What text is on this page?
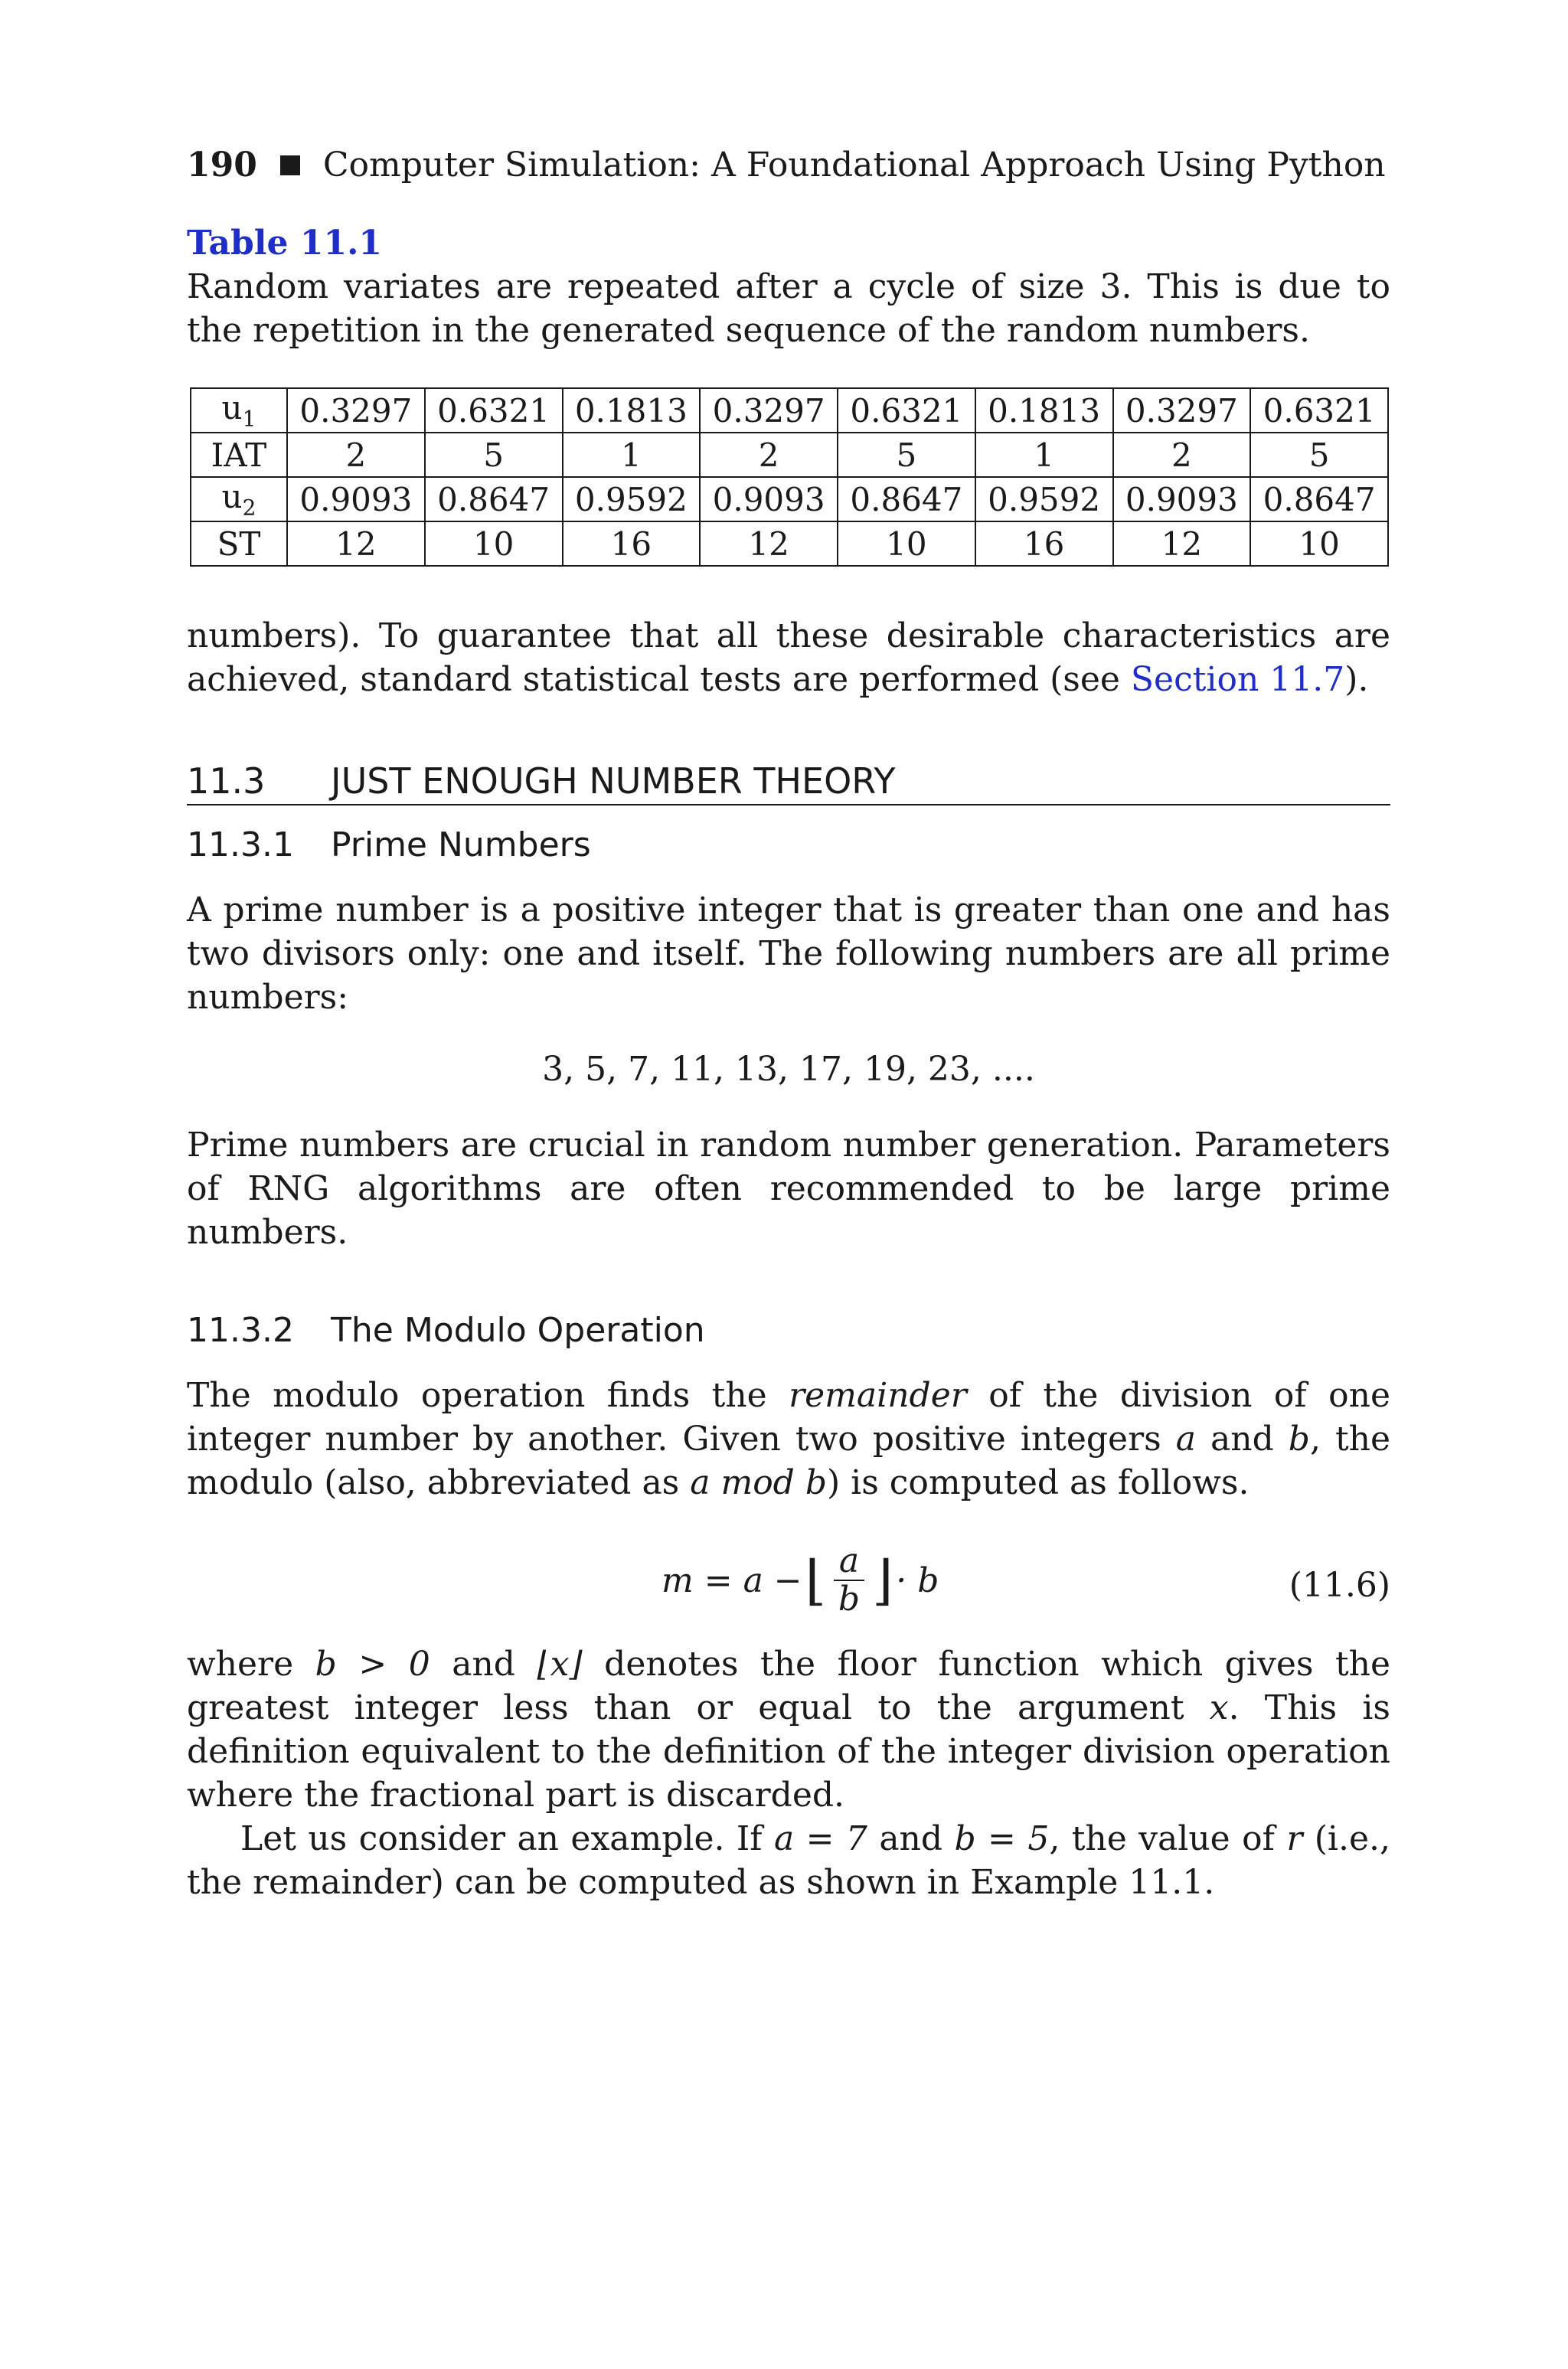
190 Computer Simulation: A Foundational Approach Using Python
Table 11.1

Random variates are repeated after a cycle of size 3. This is due to the repetition in the generated sequence of the random numbers.

$u_1$	0.3297	0.6321	0.1813	0.3297	0.6321	0.1813	0.3297	0.6321
IAT	2	5	1	2	5	1	2	5
$u_2$	0.9093	0.8647	0.9592	0.9093	0.8647	0.9592	0.9093	0.8647
ST	12	10	16	12	10	16	12	10

numbers). To guarantee that all these desirable characteristics are achieved, standard statistical tests are performed (see Section 11.7).

11.3 JUST ENOUGH NUMBER THEORY
11.3.1 Prime Numbers

A prime number is a positive integer that is greater than one and has two divisors only: one and itself. The following numbers are all prime numbers:

3, 5, 7, 11, 13, 17, 19, 23, ....

Prime numbers are crucial in random number generation. Parameters of RNG algorithms are often recommended to be large prime numbers.

11.3.2 The Modulo Operation

The modulo operation finds the remainder of the division of one integer number by another. Given two positive integers a and b, the modulo (also, abbreviated as a mod b) is computed as follows.

m = a − ⌊ $\frac{a}{b}$ ⌋ · b	(11.6)

where b > 0 and ⌊x⌋ denotes the floor function which gives the greatest integer less than or equal to the argument x. This is definition equivalent to the definition of the integer division operation where the fractional part is discarded.

Let us consider an example. If a = 7 and b = 5, the value of r (i.e., the remainder) can be computed as shown in Example 11.1.
